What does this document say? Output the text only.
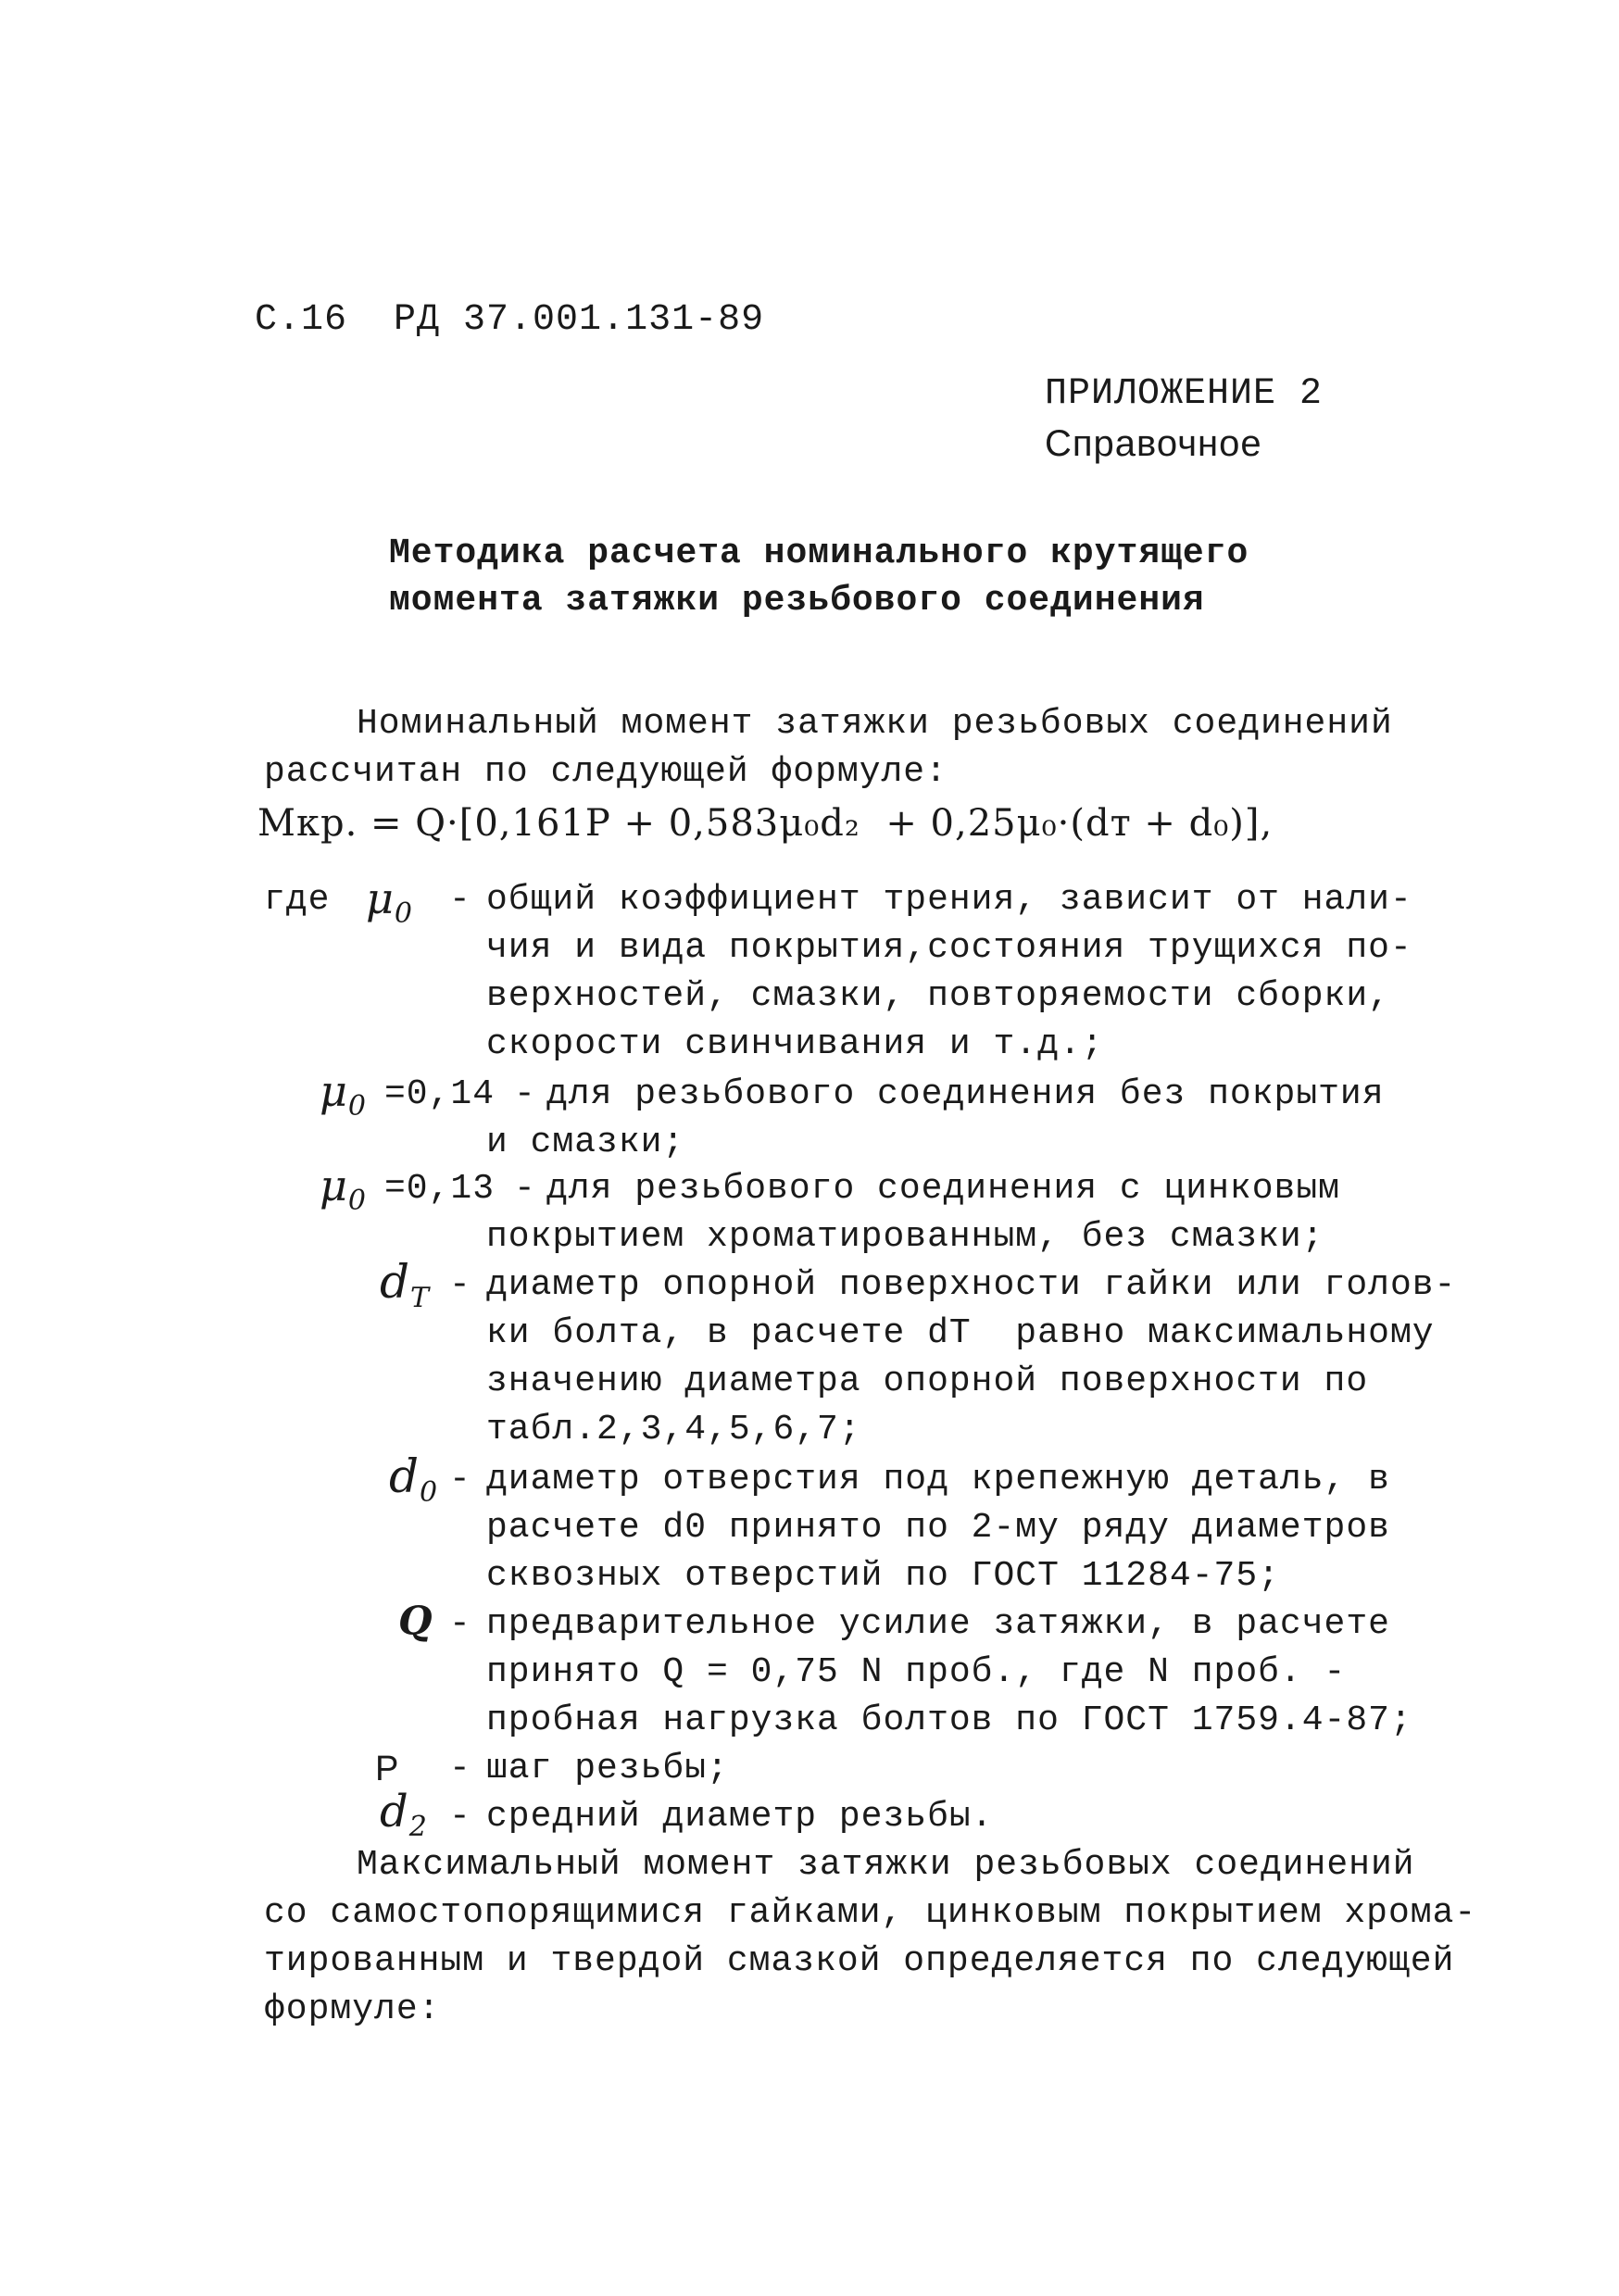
С.16  РД 37.001.131-89
ПРИЛОЖЕНИЕ 2
Справочное
Методика расчета номинального крутящего
момента затяжки резьбового соединения
Номинальный момент затяжки резьбовых соединений
рассчитан по следующей формуле:
Мкр. = Q·[0,161P + 0,583μ₀d₂  + 0,25μ₀·(dт + d₀)],
где $\mu_0$ - общий коэффициент трения, зависит от нали-
чия и вида покрытия,состояния трущихся по-
верхностей, смазки, повторяемости сборки,
скорости свинчивания и т.д.;
$\mu_0 =0,14$ - для резьбового соединения без покрытия
и смазки;
$\mu_0 =0,13$ - для резьбового соединения с цинковым
покрытием хроматированным, без смазки;
$d_T$ - диаметр опорной поверхности гайки или голов-
ки болта, в расчете dT  равно максимальному
значению диаметра опорной поверхности по
табл.2,3,4,5,6,7;
$d_0$ - диаметр отверстия под крепежную деталь, в
расчете d0 принято по 2-му ряду диаметров
сквозных отверстий по ГОСТ 11284-75;
Q - предварительное усилие затяжки, в расчете
принято Q = 0,75 N проб., где N проб. -
пробная нагрузка болтов по ГОСТ 1759.4-87;
P - шаг резьбы;
$d_2$ - средний диаметр резьбы.
Максимальный момент затяжки резьбовых соединений
со самостопорящимися гайками, цинковым покрытием хрома-
тированным и твердой смазкой определяется по следующей
формуле:
